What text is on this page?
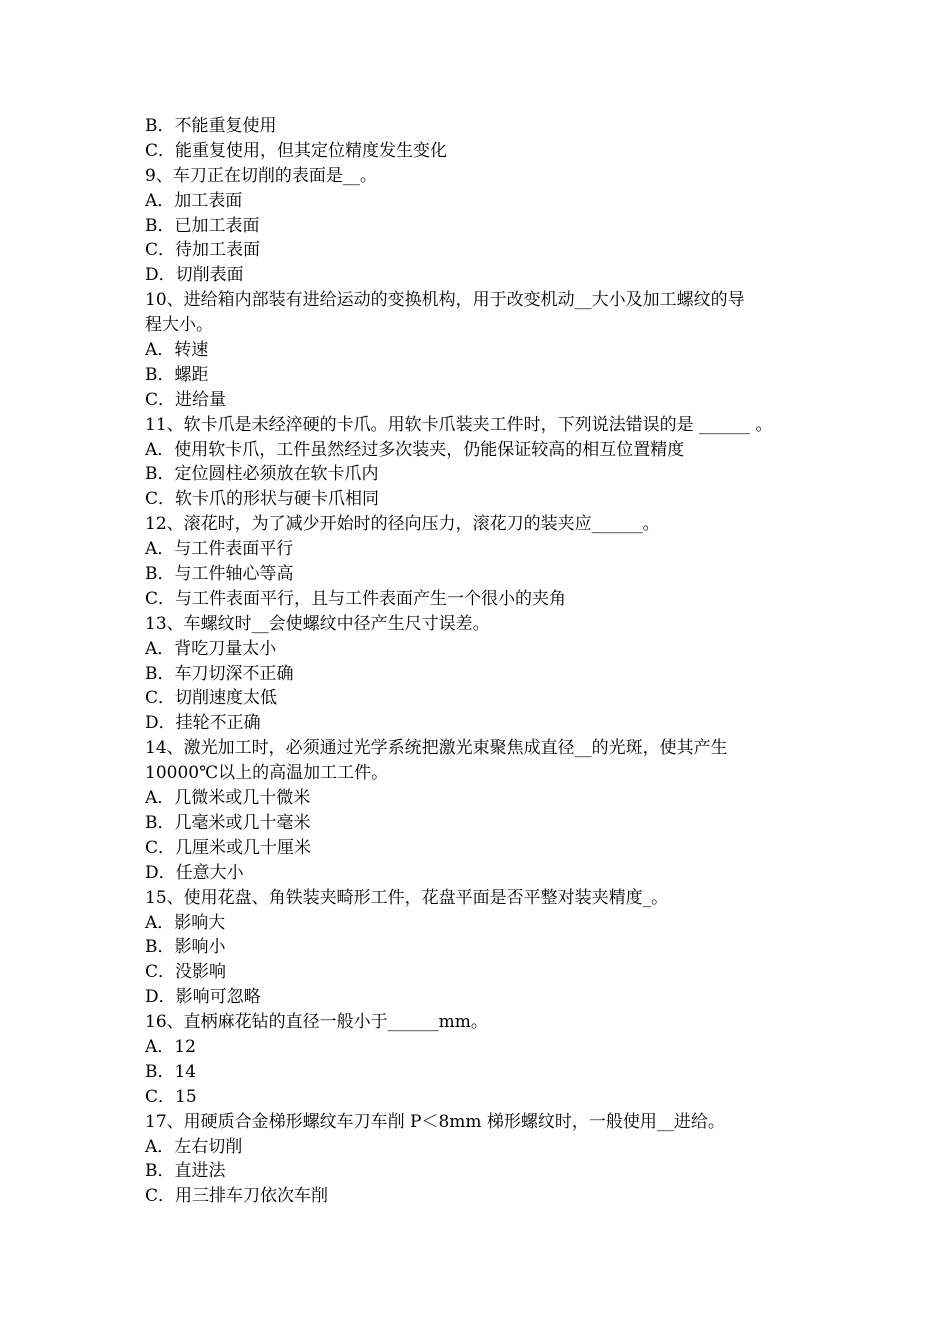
B．不能重复使用
C．能重复使用，但其定位精度发生变化
9、车刀正在切削的表面是__。
A．加工表面
B．已加工表面
C．待加工表面
D．切削表面
10、进给箱内部装有进给运动的变换机构，用于改变机动__大小及加工螺纹的导
程大小。
A．转速
B．螺距
C．进给量
11、软卡爪是未经淬硬的卡爪。用软卡爪装夹工件时，下列说法错误的是 ______ 。
A．使用软卡爪，工件虽然经过多次装夹，仍能保证较高的相互位置精度
B．定位圆柱必须放在软卡爪内
C．软卡爪的形状与硬卡爪相同
12、滚花时，为了减少开始时的径向压力，滚花刀的装夹应______。
A．与工件表面平行
B．与工件轴心等高
C．与工件表面平行，且与工件表面产生一个很小的夹角
13、车螺纹时__会使螺纹中径产生尺寸误差。
A．背吃刀量太小
B．车刀切深不正确
C．切削速度太低
D．挂轮不正确
14、激光加工时，必须通过光学系统把激光束聚焦成直径__的光斑，使其产生
10000℃以上的高温加工工件。
A．几微米或几十微米
B．几毫米或几十毫米
C．几厘米或几十厘米
D．任意大小
15、使用花盘、角铁装夹畸形工件，花盘平面是否平整对装夹精度_。
A．影响大
B．影响小
C．没影响
D．影响可忽略
16、直柄麻花钻的直径一般小于______mm。
A．12
B．14
C．15
17、用硬质合金梯形螺纹车刀车削 P＜8mm 梯形螺纹时，一般使用__进给。
A．左右切削
B．直进法
C．用三排车刀依次车削
